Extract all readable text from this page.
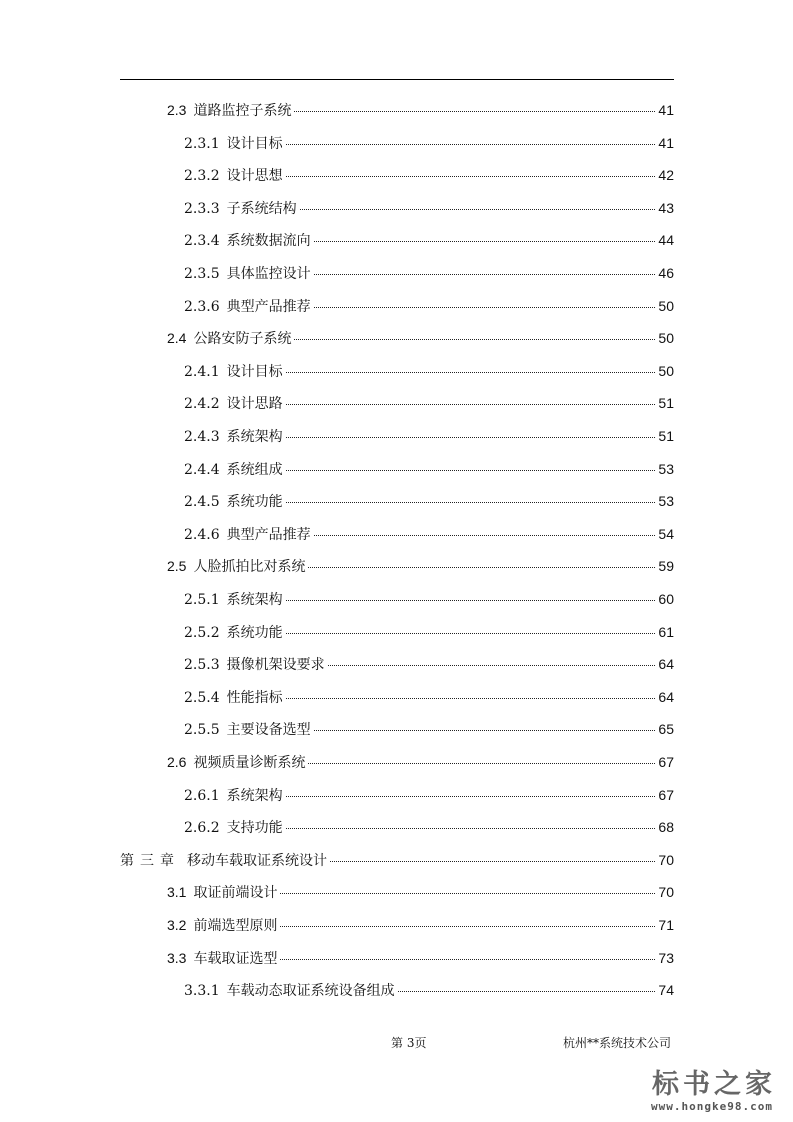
2.3 道路监控子系统	41
2.3.1 设计目标	41
2.3.2 设计思想	42
2.3.3 子系统结构	43
2.3.4 系统数据流向	44
2.3.5 具体监控设计	46
2.3.6 典型产品推荐	50
2.4 公路安防子系统	50
2.4.1 设计目标	50
2.4.2 设计思路	51
2.4.3 系统架构	51
2.4.4 系统组成	53
2.4.5 系统功能	53
2.4.6 典型产品推荐	54
2.5 人脸抓拍比对系统	59
2.5.1 系统架构	60
2.5.2 系统功能	61
2.5.3 摄像机架设要求	64
2.5.4 性能指标	64
2.5.5 主要设备选型	65
2.6 视频质量诊断系统	67
2.6.1 系统架构	67
2.6.2 支持功能	68
第三章 移动车载取证系统设计	70
3.1 取证前端设计	70
3.2 前端选型原则	71
3.3 车载取证选型	73
3.3.1 车载动态取证系统设备组成	74
第 3页	杭州**系统技术公司
标书之家
www.hongke98.com
